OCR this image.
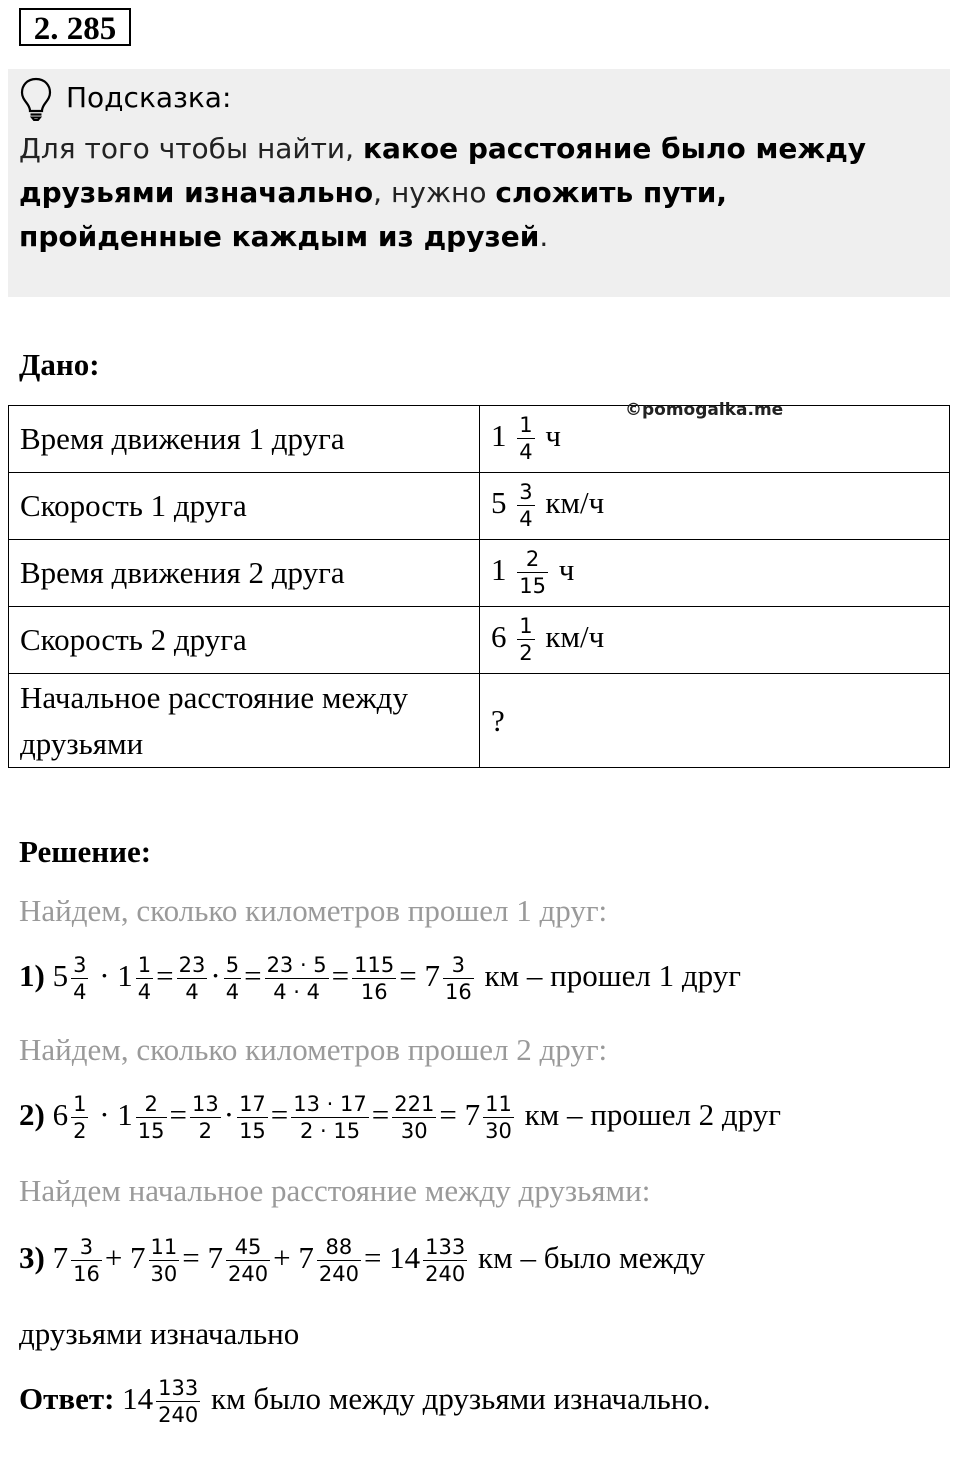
2. 285
Подсказка:
Для того чтобы найти, какое расстояние было между друзьями изначально, нужно сложить пути, пройденные каждым из друзей.
Дано:
Время движения 1 друга	$1 \frac{1}{4}$ ч
Скорость 1 друга	$5 \frac{3}{4} км/ч$
Время движения 2 друга	$1 \frac{2}{15}$ ч
Скорость 2 друга	$6 \frac{1}{2} км/ч$
Начальное расстояние между друзьями	?
©pomogalka.me
Решение:
Найдем, сколько километров прошел 1 друг:
1) $5 \frac{3}{4} \cdot 1 \frac{1}{4} = \frac{23}{4} \cdot \frac{5}{4} = \frac{23 \cdot 5}{4 \cdot 4} = \frac{115}{16} = 7 \frac{3}{16}$ км – прошел 1 друг
Найдем, сколько километров прошел 2 друг:
2) $6 \frac{1}{2} \cdot 1 \frac{2}{15} = \frac{13}{2} \cdot \frac{17}{15} = \frac{13 \cdot 17}{2 \cdot 15} = \frac{221}{30} = 7 \frac{11}{30}$ км – прошел 2 друг
Найдем начальное расстояние между друзьями:
3) $7 \frac{3}{16} + 7 \frac{11}{30} = 7 \frac{45}{240} + 7 \frac{88}{240} = 14 \frac{133}{240}$ км – было между
друзьями изначально
Ответ: $14 \frac{133}{240}$ км было между друзьями изначально.
